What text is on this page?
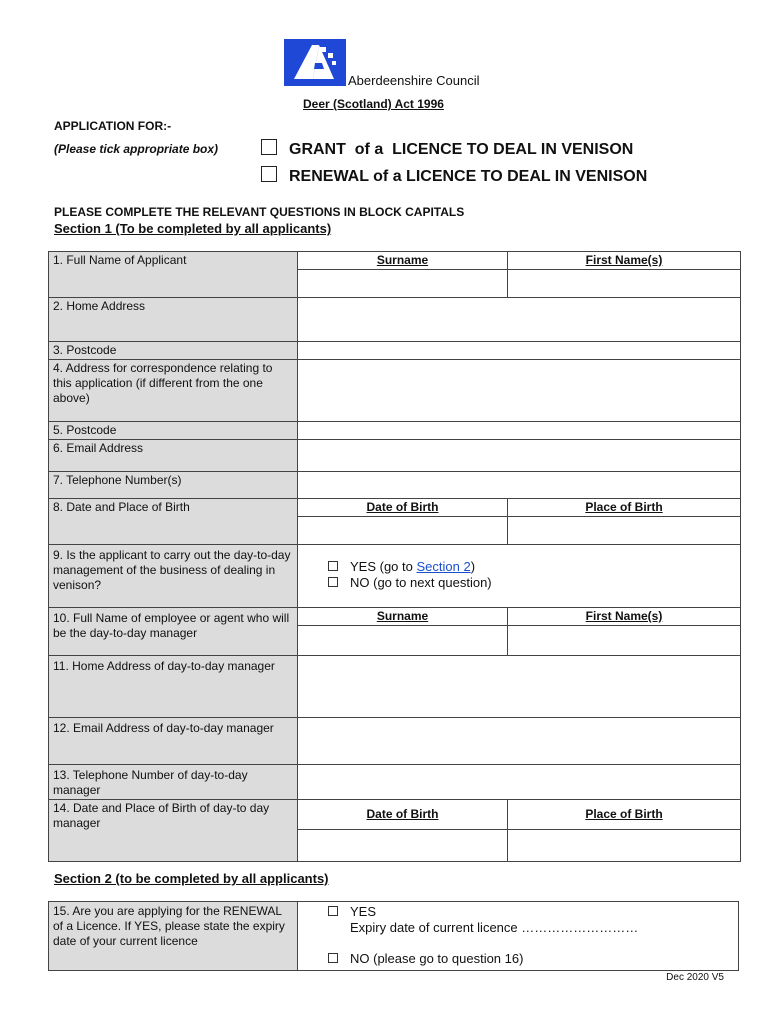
Aberdeenshire Council
Deer (Scotland) Act 1996
APPLICATION FOR:-
(Please tick appropriate box)	GRANT  of a  LICENCE TO DEAL IN VENISON
RENEWAL of a LICENCE TO DEAL IN VENISON
PLEASE COMPLETE THE RELEVANT QUESTIONS IN BLOCK CAPITALS
Section 1 (To be completed by all applicants)
1. Full Name of Applicant	Surname	First Name(s)

2. Home Address		
3. Postcode		
4. Address for correspondence relating to this application (if different from the one above)		
5. Postcode		
6. Email Address		
7. Telephone Number(s)		
8. Date and Place of Birth	Date of Birth	Place of Birth

9. Is the applicant to carry out the day-to-day management of the business of dealing in venison?	YES (go to Section 2)
NO (go to next question)	

10. Full Name of employee or agent who will be the day-to-day manager	Surname	First Name(s)

11. Home Address of day-to-day manager		
12. Email Address of day-to-day manager		
13. Telephone Number of day-to-day manager		
14. Date and Place of Birth of day-to day manager	Date of Birth	Place of Birth

Section 2 (to be completed by all applicants)
15. Are you are applying for the RENEWAL of a Licence. If YES, please state the expiry date of your current licence	
YES
Expiry date of current licence ………………………
NO (please go to question 16)
Dec 2020 V5
